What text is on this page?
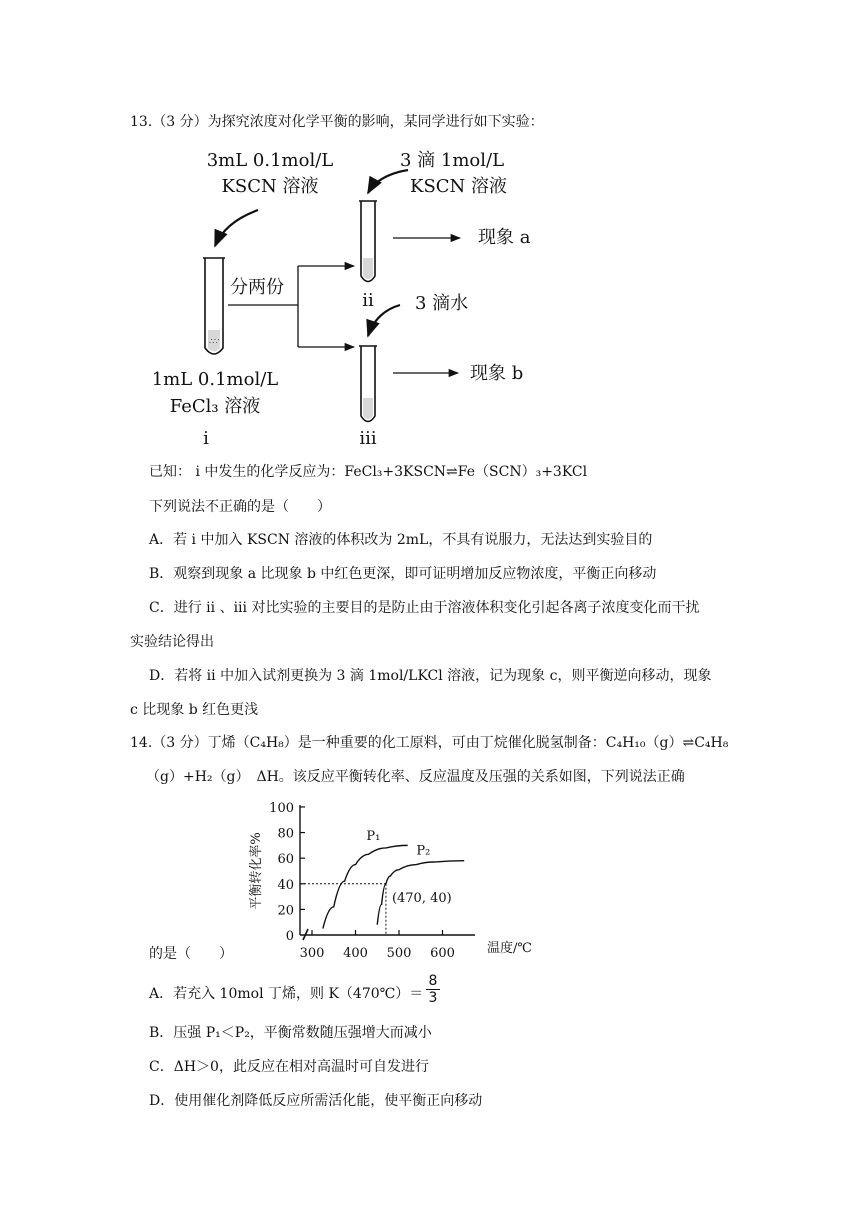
13.（3 分）为探究浓度对化学平衡的影响，某同学进行如下实验：
3mL 0.1mol/L
KSCN 溶液
3 滴 1mol/L
KSCN 溶液
分两份
3 滴水
现象 a
现象 b
1mL 0.1mol/L
FeCl₃ 溶液
i
ii
iii
∴∵
已知： i 中发生的化学反应为：FeCl₃+3KSCN⇌Fe（SCN）₃+3KCl
下列说法不正确的是（　　）
A．若 i 中加入 KSCN 溶液的体积改为 2mL，不具有说服力，无法达到实验目的
B．观察到现象 a 比现象 b 中红色更深，即可证明增加反应物浓度，平衡正向移动
C．进行 ii 、iii 对比实验的主要目的是防止由于溶液体积变化引起各离子浓度变化而干扰
实验结论得出
D．若将 ii 中加入试剂更换为 3 滴 1mol/LKCl 溶液，记为现象 c，则平衡逆向移动，现象
c 比现象 b 红色更浅
14.（3 分）丁烯（C₄H₈）是一种重要的化工原料，可由丁烷催化脱氢制备：C₄H₁₀（g）⇌C₄H₈
（g）+H₂（g）　ΔH。该反应平衡转化率、反应温度及压强的关系如图，下列说法正确
的是（　　）
100
80
60
40
20
0
300 400 500 600
平衡转化率%
温度/℃
P₁
P₂
(470, 40)
A．若充入 10mol 丁烯，则 K（470℃）＝ $\frac{8}{3}$
B．压强 P₁＜P₂，平衡常数随压强增大而减小
C．ΔH＞0，此反应在相对高温时可自发进行
D．使用催化剂降低反应所需活化能，使平衡正向移动
